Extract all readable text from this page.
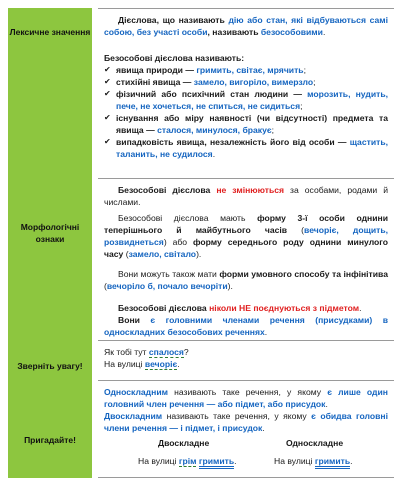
Лексичне значення
Морфологічні ознаки
Зверніть увагу!
Пригадайте!
Дієслова, що називають дію або стан, які відбуваються самі собою, без участі особи, називають безособовими.
Безособові дієслова називають:
✔ явища природи — гримить, світає, мрячить;
✔ стихійні явища — замело, вигоріло, вимерзло;
✔ фізичний або психічний стан людини — морозить, нудить, пече, не хочеться, не спиться, не сидиться;
✔ існування або міру наявності (чи відсутності) предмета та явища — сталося, минулося, бракує;
✔ випадковість явища, незалежність його від особи — щастить, таланить, не судилося.
Безособові дієслова не змінюються за особами, родами й числами.
Безособові дієслова мають форму 3-ї особи однини теперішнього й майбутнього часів (вечоріє, дощить, розвиднеться) або форму середнього роду однини минулого часу (замело, світало).
Вони можуть також мати форми умовного способу та інфінітива (вечоріло б, почало вечоріти).
Безособові дієслова ніколи НЕ поєднуються з підметом.
Вони є головними членами речення (присудками) в односкладних безособових реченнях.
Як тобі тут спалося?
На вулиці вечоріє.
Односкладним називають таке речення, у якому є лише один головний член речення — або підмет, або присудок.
Двоскладним називають таке речення, у якому є обидва головні члени речення — і підмет, і присудок.
Двоскладне	Односкладне
На вулиці грім гримить.	На вулиці гримить.
